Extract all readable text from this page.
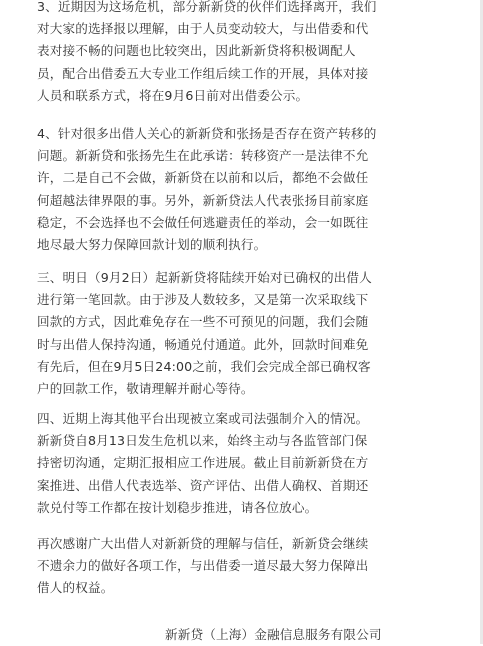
3、近期因为这场危机，部分新新贷的伙伴们选择离开，我们
对大家的选择报以理解，由于人员变动较大，与出借委和代
表对接不畅的问题也比较突出，因此新新贷将积极调配人
员，配合出借委五大专业工作组后续工作的开展，具体对接
人员和联系方式，将在9月6日前对出借委公示。

4、针对很多出借人关心的新新贷和张扬是否存在资产转移的
问题。新新贷和张扬先生在此承诺：转移资产一是法律不允
许，二是自己不会做，新新贷在以前和以后，都绝不会做任
何超越法律界限的事。另外，新新贷法人代表张扬目前家庭
稳定，不会选择也不会做任何逃避责任的举动，会一如既往
地尽最大努力保障回款计划的顺利执行。

三、明日（9月2日）起新新贷将陆续开始对已确权的出借人
进行第一笔回款。由于涉及人数较多，又是第一次采取线下
回款的方式，因此难免存在一些不可预见的问题，我们会随
时与出借人保持沟通，畅通兑付通道。此外，回款时间难免
有先后，但在9月5日24:00之前，我们会完成全部已确权客
户的回款工作，敬请理解并耐心等待。

四、近期上海其他平台出现被立案或司法强制介入的情况。
新新贷自8月13日发生危机以来，始终主动与各监管部门保
持密切沟通，定期汇报相应工作进展。截止目前新新贷在方
案推进、出借人代表选举、资产评估、出借人确权、首期还
款兑付等工作都在按计划稳步推进，请各位放心。

再次感谢广大出借人对新新贷的理解与信任，新新贷会继续
不遗余力的做好各项工作，与出借委一道尽最大努力保障出
借人的权益。

新新贷（上海）金融信息服务有限公司
